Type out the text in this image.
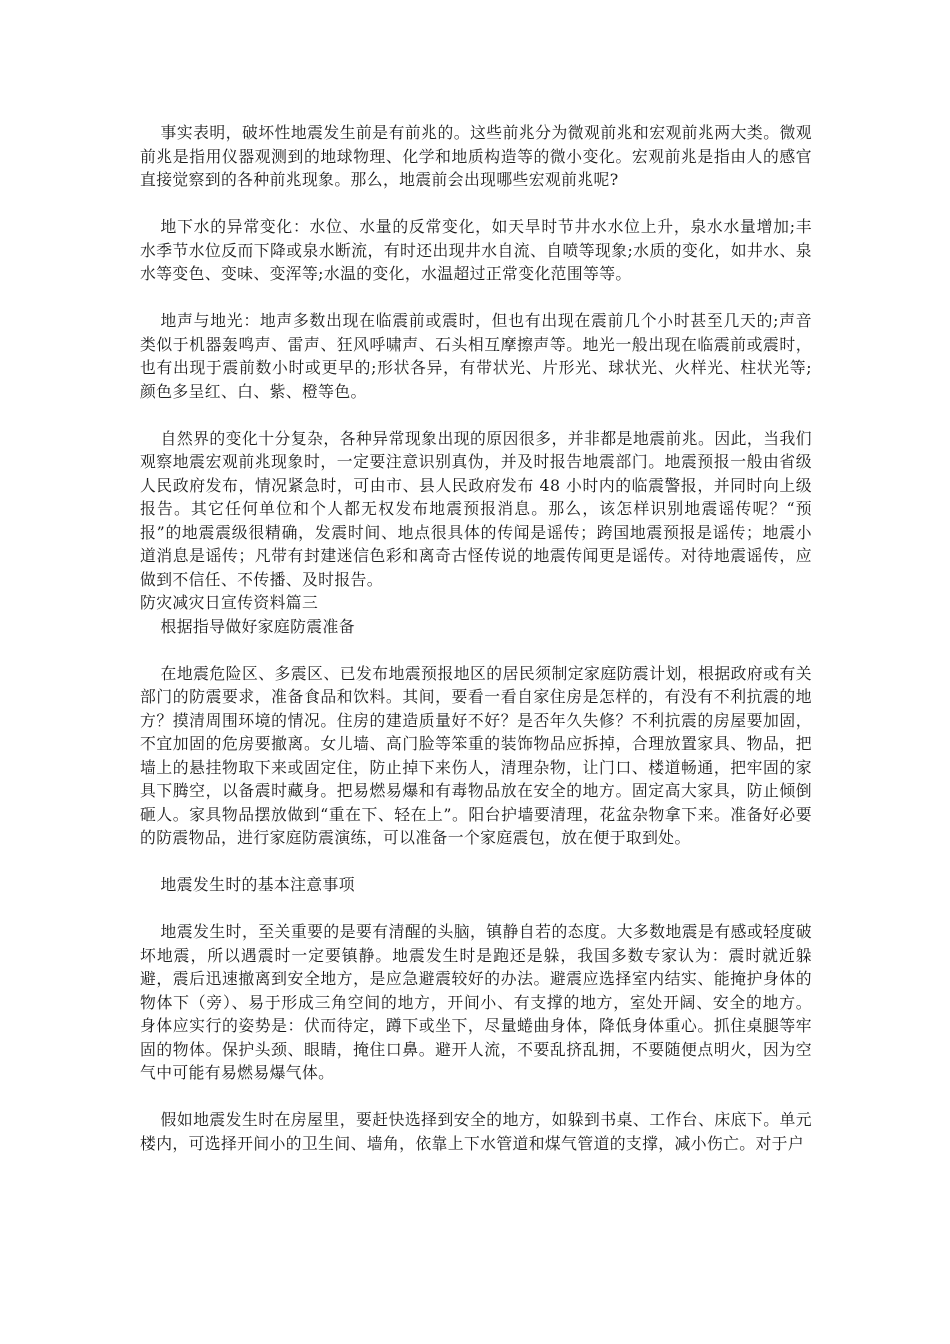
事实表明，破坏性地震发生前是有前兆的。这些前兆分为微观前兆和宏观前兆两大类。微观前兆是指用仪器观测到的地球物理、化学和地质构造等的微小变化。宏观前兆是指由人的感官直接觉察到的各种前兆现象。那么，地震前会出现哪些宏观前兆呢?

地下水的异常变化：水位、水量的反常变化，如天旱时节井水水位上升，泉水水量增加;丰水季节水位反而下降或泉水断流，有时还出现井水自流、自喷等现象;水质的变化，如井水、泉水等变色、变味、变浑等;水温的变化，水温超过正常变化范围等等。

地声与地光：地声多数出现在临震前或震时，但也有出现在震前几个小时甚至几天的;声音类似于机器轰鸣声、雷声、狂风呼啸声、石头相互摩擦声等。地光一般出现在临震前或震时，也有出现于震前数小时或更早的;形状各异，有带状光、片形光、球状光、火样光、柱状光等;颜色多呈红、白、紫、橙等色。

自然界的变化十分复杂，各种异常现象出现的原因很多，并非都是地震前兆。因此，当我们观察地震宏观前兆现象时，一定要注意识别真伪，并及时报告地震部门。地震预报一般由省级人民政府发布，情况紧急时，可由市、县人民政府发布 48 小时内的临震警报，并同时向上级报告。其它任何单位和个人都无权发布地震预报消息。那么，该怎样识别地震谣传呢？“预报”的地震震级很精确，发震时间、地点很具体的传闻是谣传；跨国地震预报是谣传；地震小道消息是谣传；凡带有封建迷信色彩和离奇古怪传说的地震传闻更是谣传。对待地震谣传，应做到不信任、不传播、及时报告。

防灾减灾日宣传资料篇三

根据指导做好家庭防震准备

在地震危险区、多震区、已发布地震预报地区的居民须制定家庭防震计划，根据政府或有关部门的防震要求，准备食品和饮料。其间，要看一看自家住房是怎样的，有没有不利抗震的地方？摸清周围环境的情况。住房的建造质量好不好？是否年久失修？不利抗震的房屋要加固，不宜加固的危房要撤离。女儿墙、高门脸等笨重的装饰物品应拆掉，合理放置家具、物品，把墙上的悬挂物取下来或固定住，防止掉下来伤人，清理杂物，让门口、楼道畅通，把牢固的家具下腾空，以备震时藏身。把易燃易爆和有毒物品放在安全的地方。固定高大家具，防止倾倒砸人。家具物品摆放做到“重在下、轻在上”。阳台护墙要清理，花盆杂物拿下来。准备好必要的防震物品，进行家庭防震演练，可以准备一个家庭震包，放在便于取到处。

地震发生时的基本注意事项

地震发生时，至关重要的是要有清醒的头脑，镇静自若的态度。大多数地震是有感或轻度破坏地震，所以遇震时一定要镇静。地震发生时是跑还是躲，我国多数专家认为：震时就近躲避，震后迅速撤离到安全地方，是应急避震较好的办法。避震应选择室内结实、能掩护身体的物体下（旁）、易于形成三角空间的地方，开间小、有支撑的地方，室处开阔、安全的地方。身体应实行的姿势是：伏而待定，蹲下或坐下，尽量蜷曲身体，降低身体重心。抓住桌腿等牢固的物体。保护头颈、眼睛，掩住口鼻。避开人流，不要乱挤乱拥，不要随便点明火，因为空气中可能有易燃易爆气体。

假如地震发生时在房屋里，要赶快选择到安全的地方，如躲到书桌、工作台、床底下。单元楼内，可选择开间小的卫生间、墙角，依靠上下水管道和煤气管道的支撑，减小伤亡。对于户
